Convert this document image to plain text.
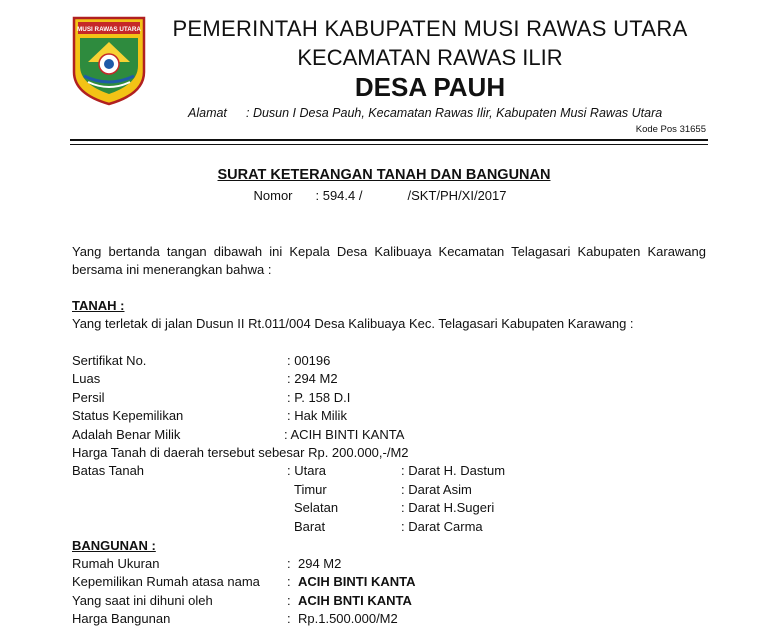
MUSI RAWAS UTARA	PEMERINTAH KABUPATEN MUSI RAWAS UTARA
KECAMATAN RAWAS ILIR
DESA PAUH
Alamat : Dusun I Desa Pauh, Kecamatan Rawas Ilir, Kabupaten Musi Rawas Utara
Kode Pos 31655
SURAT KETERANGAN TANAH DAN BANGUNAN
Nomor : 594.4 /	/SKT/PH/XI/2017
Yang bertanda tangan dibawah ini Kepala Desa Kalibuaya Kecamatan Telagasari Kabupaten Karawang
bersama ini menerangkan bahwa :
TANAH :
Yang terletak di jalan Dusun II Rt.011/004 Desa Kalibuaya Kec. Telagasari Kabupaten Karawang :
Sertifikat No.	: 00196
Luas	: 294 M2
Persil	: P. 158 D.I
Status Kepemilikan	: Hak Milik
Adalah Benar Milik	: ACIH BINTI KANTA
Harga Tanah di daerah tersebut sebesar Rp. 200.000,-/M2
Batas Tanah	: Utara	: Darat H. Dastum
Timur	: Darat Asim
Selatan	: Darat H.Sugeri
Barat	: Darat Carma
BANGUNAN :
Rumah Ukuran	: 294 M2
Kepemilikan Rumah atasa nama : ACIH BINTI KANTA
Yang saat ini dihuni oleh	: ACIH BNTI KANTA
Harga Bangunan	: Rp.1.500.000/M2
